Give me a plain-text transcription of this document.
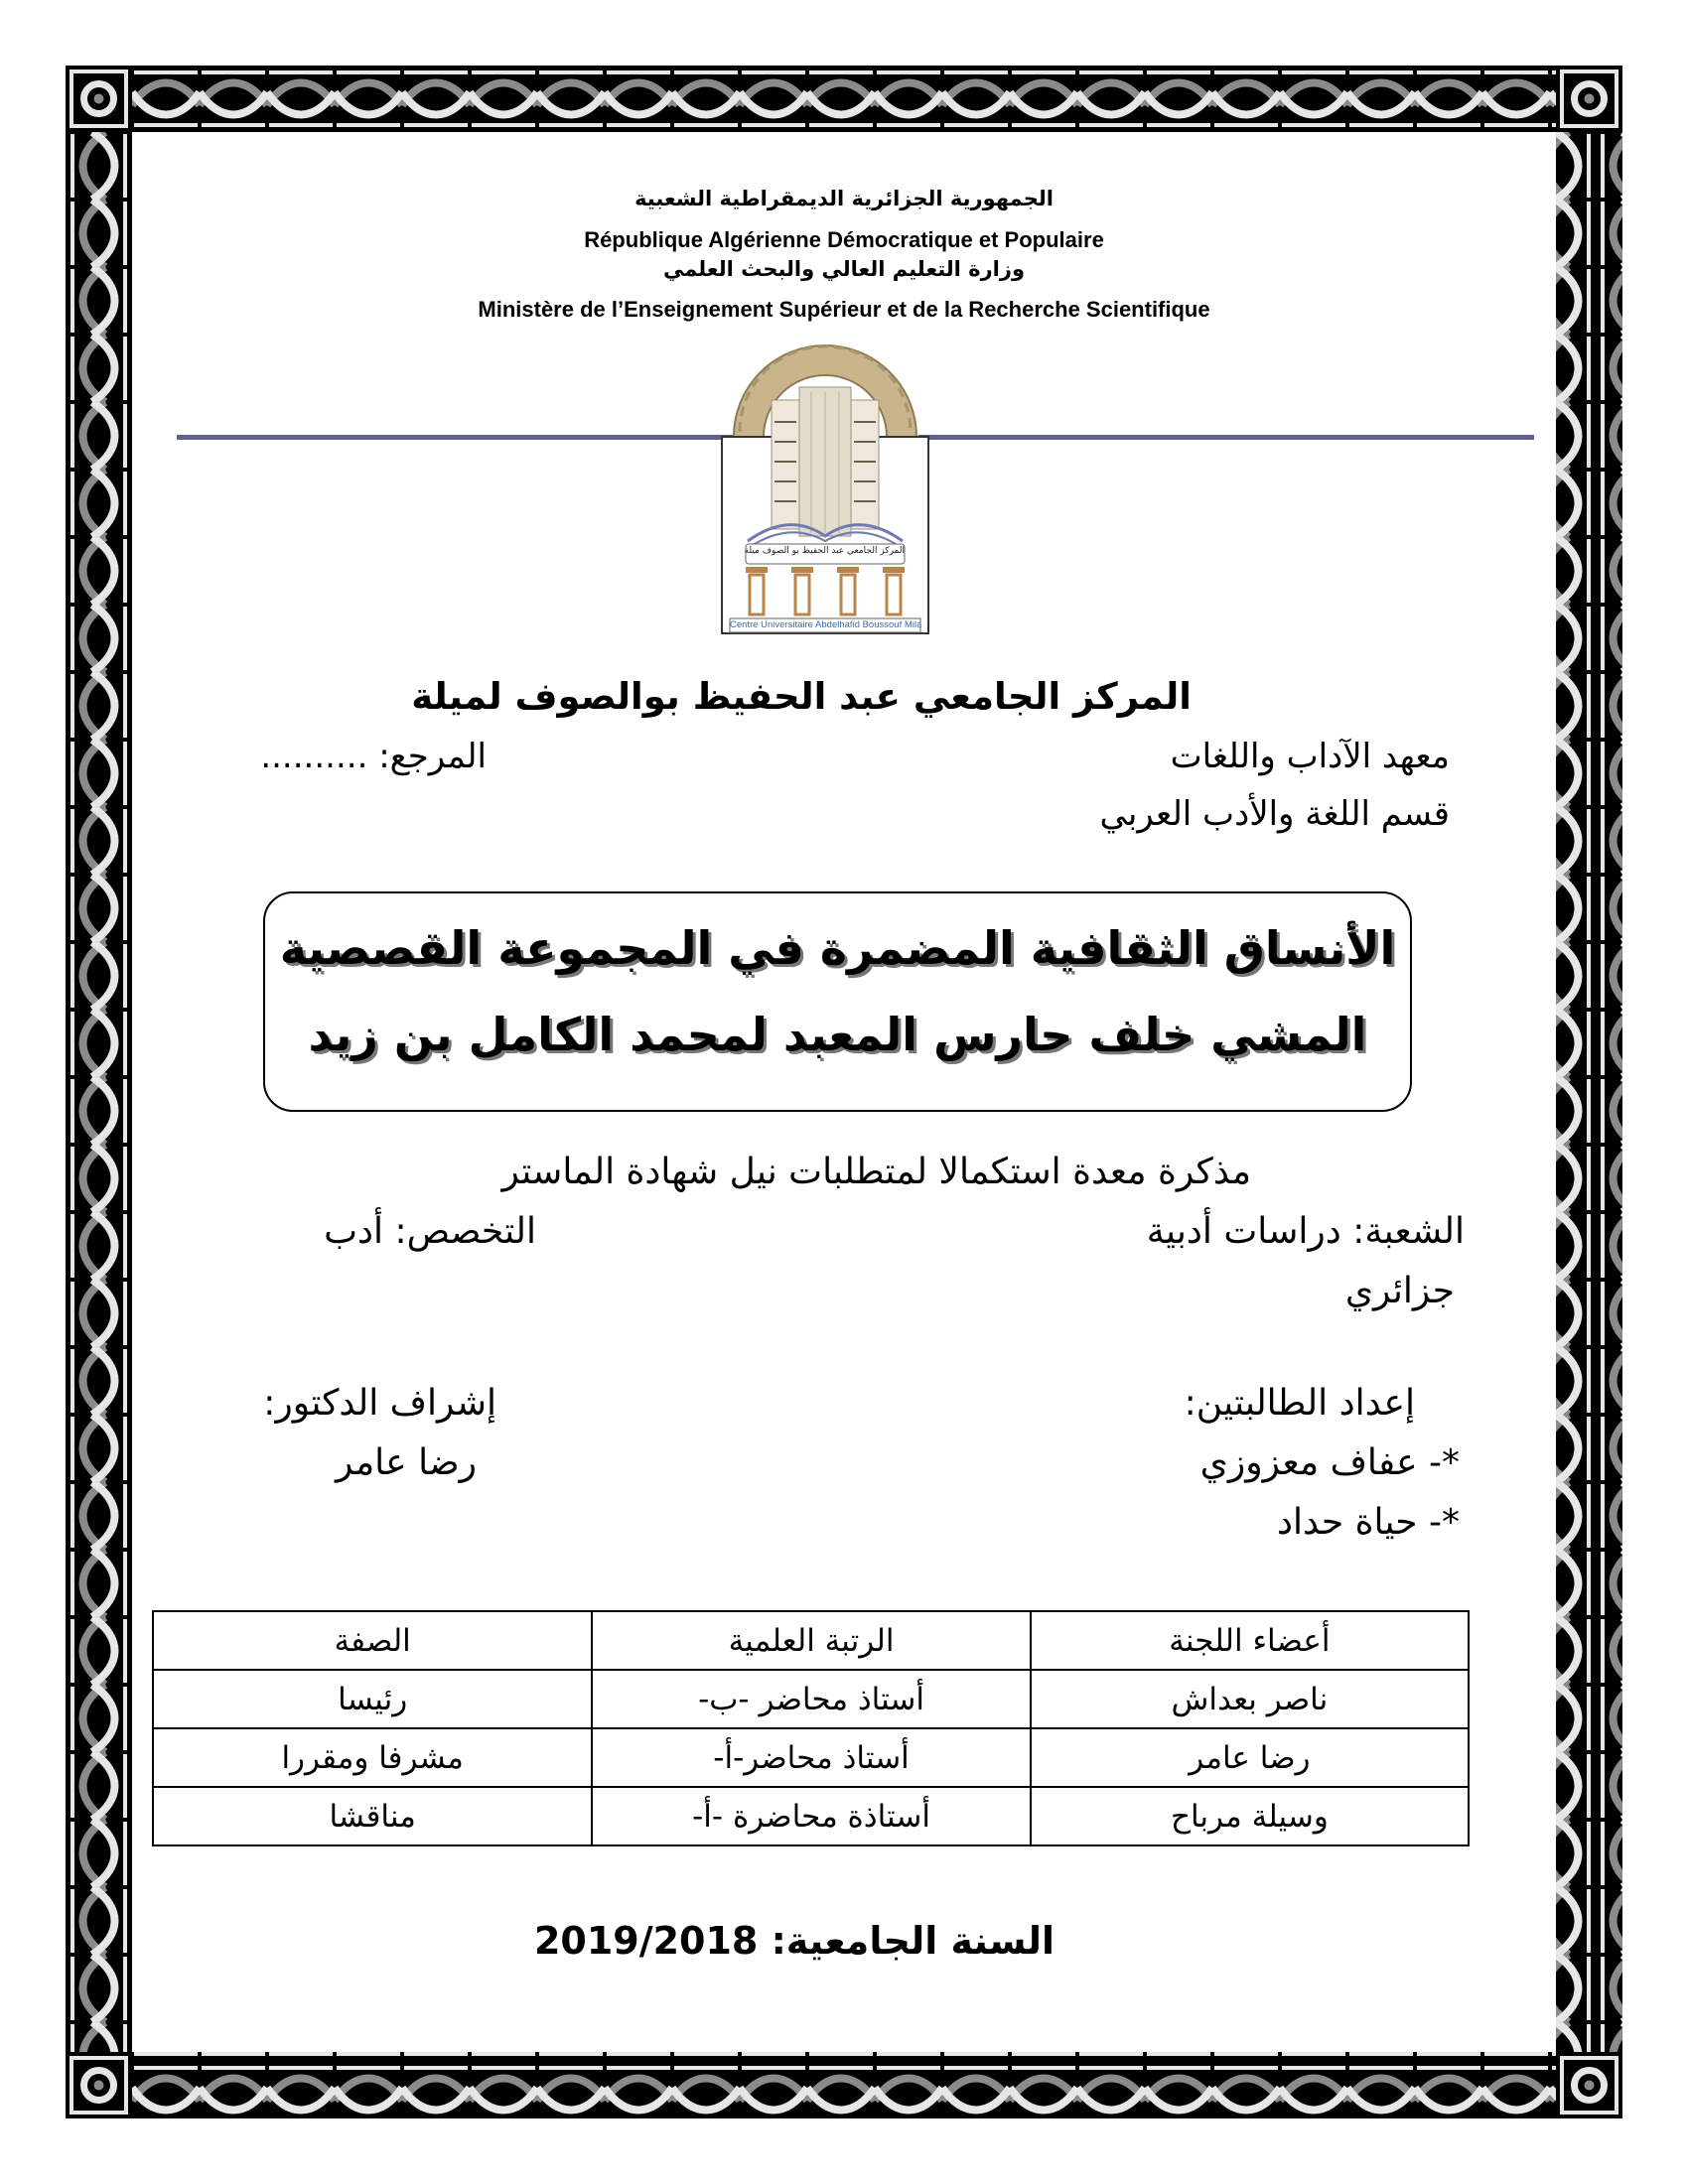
الجمهورية الجزائرية الديمقراطية الشعبية
République Algérienne Démocratique et Populaire
وزارة التعليم العالي والبحث العلمي
Ministère de l’Enseignement Supérieur et de la Recherche Scientifique
المركز الجامعي عبد الحفيظ بو الصوف ميلة
Centre Universitaire Abdelhafid Boussouf Mila
المركز الجامعي عبد الحفيظ بوالصوف لميلة
معهد الآداب واللغات
المرجع: ..........
قسم اللغة والأدب العربي
الأنساق الثقافية المضمرة في المجموعة القصصية
المشي خلف حارس المعبد لمحمد الكامل بن زيد
مذكرة معدة استكمالا لمتطلبات نيل شهادة الماستر
الشعبة: دراسات أدبية
التخصص: أدب
جزائري
إعداد الطالبتين:
*- عفاف معزوزي
*- حياة حداد
إشراف الدكتور:
رضا عامر
أعضاء اللجنة	الرتبة العلمية	الصفة
ناصر بعداش	أستاذ محاضر -ب-	رئيسا
رضا عامر	أستاذ محاضر-أ-	مشرفا ومقررا
وسيلة مرباح	أستاذة محاضرة -أ-	مناقشا
السنة الجامعية: 2019/2018
